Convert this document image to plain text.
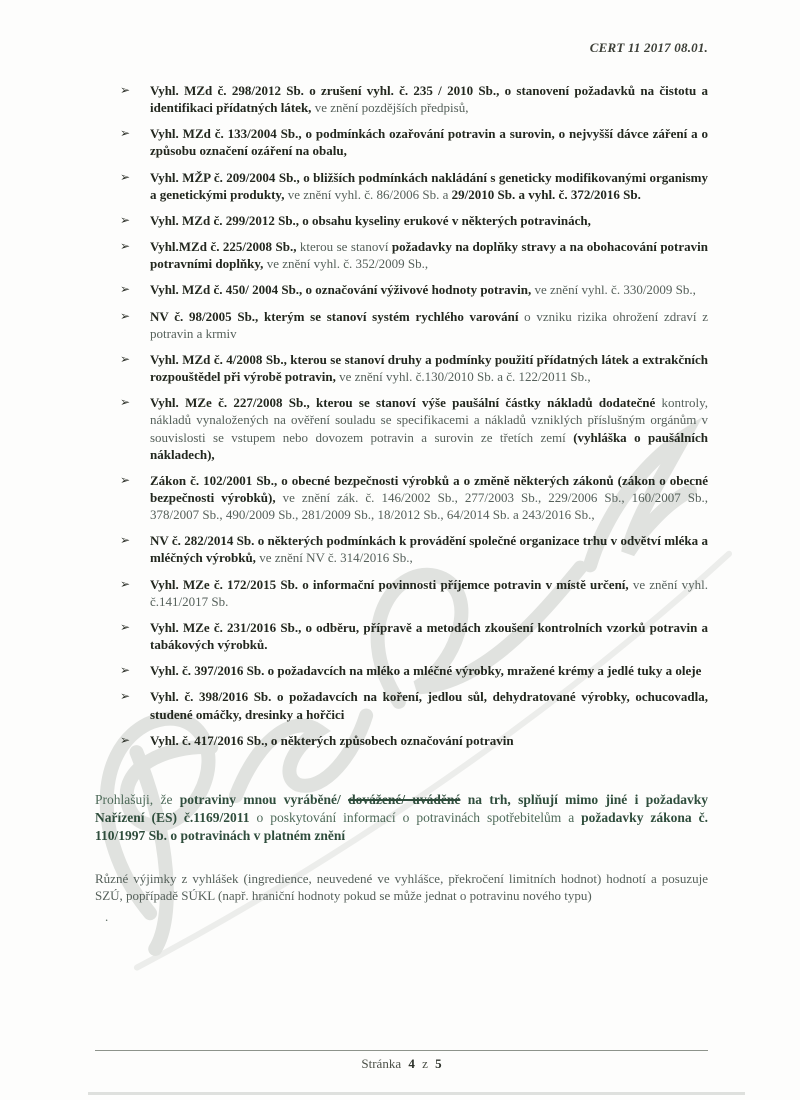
CERT 11 2017 08.01.
➢	Vyhl. MZd č. 298/2012 Sb. o zrušení vyhl. č. 235 / 2010 Sb., o stanovení požadavků na čistotu a identifikaci přídatných látek, ve znění pozdějších předpisů,
➢	Vyhl. MZd č. 133/2004 Sb., o podmínkách ozařování potravin a surovin, o nejvyšší dávce záření a o způsobu označení ozáření na obalu,
➢	Vyhl. MŽP č. 209/2004 Sb., o bližších podmínkách nakládání s geneticky modifikovanými organismy a genetickými produkty, ve znění vyhl. č. 86/2006 Sb. a 29/2010 Sb. a vyhl. č. 372/2016 Sb.
➢	Vyhl. MZd č. 299/2012 Sb., o obsahu kyseliny erukové v některých potravinách,
➢	Vyhl.MZd č. 225/2008 Sb., kterou se stanoví požadavky na doplňky stravy a na obohacování potravin potravními doplňky, ve znění vyhl. č. 352/2009 Sb.,
➢	Vyhl. MZd č. 450/ 2004 Sb., o označování výživové hodnoty potravin, ve znění vyhl. č. 330/2009 Sb.,
➢	NV č. 98/2005 Sb., kterým se stanoví systém rychlého varování o vzniku rizika ohrožení zdraví z potravin a krmiv
➢	Vyhl. MZd č. 4/2008 Sb., kterou se stanoví druhy a podmínky použití přídatných látek a extrakčních rozpouštědel při výrobě potravin, ve znění vyhl. č.130/2010 Sb. a č. 122/2011 Sb.,
➢	Vyhl. MZe č. 227/2008 Sb., kterou se stanoví výše paušální částky nákladů dodatečné kontroly, nákladů vynaložených na ověření souladu se specifikacemi a nákladů vzniklých příslušným orgánům v souvislosti se vstupem nebo dovozem potravin a surovin ze třetích zemí (vyhláška o paušálních nákladech),
➢	Zákon č. 102/2001 Sb., o obecné bezpečnosti výrobků a o změně některých zákonů (zákon o obecné bezpečnosti výrobků), ve znění zák. č. 146/2002 Sb., 277/2003 Sb., 229/2006 Sb., 160/2007 Sb., 378/2007 Sb., 490/2009 Sb., 281/2009 Sb., 18/2012 Sb., 64/2014 Sb. a 243/2016 Sb.,
➢	NV č. 282/2014 Sb. o některých podmínkách k provádění společné organizace trhu v odvětví mléka a mléčných výrobků, ve znění NV č. 314/2016 Sb.,
➢	Vyhl. MZe č. 172/2015 Sb. o informační povinnosti příjemce potravin v místě určení, ve znění vyhl. č.141/2017 Sb.
➢	Vyhl. MZe č. 231/2016 Sb., o odběru, přípravě a metodách zkoušení kontrolních vzorků potravin a tabákových výrobků.
➢	Vyhl. č. 397/2016 Sb. o požadavcích na mléko a mléčné výrobky, mražené krémy a jedlé tuky a oleje
➢	Vyhl. č. 398/2016 Sb. o požadavcích na koření, jedlou sůl, dehydratované výrobky, ochucovadla, studené omáčky, dresinky a hořčici
➢	Vyhl. č. 417/2016 Sb., o některých způsobech označování potravin
Prohlašuji, že potraviny mnou vyráběné/ dovážené/ uváděné na trh, splňují mimo jiné i požadavky Nařízení (ES) č.1169/2011 o poskytování informací o potravinách spotřebitelům a požadavky zákona č. 110/1997 Sb. o potravinách v platném znění
Různé výjimky z vyhlášek (ingredience, neuvedené ve vyhlášce, překročení limitních hodnot) hodnotí a posuzuje SZÚ, popřípadě SÚKL (např. hraniční hodnoty pokud se může jednat o potravinu nového typu)
.
Stránka 4 z 5
